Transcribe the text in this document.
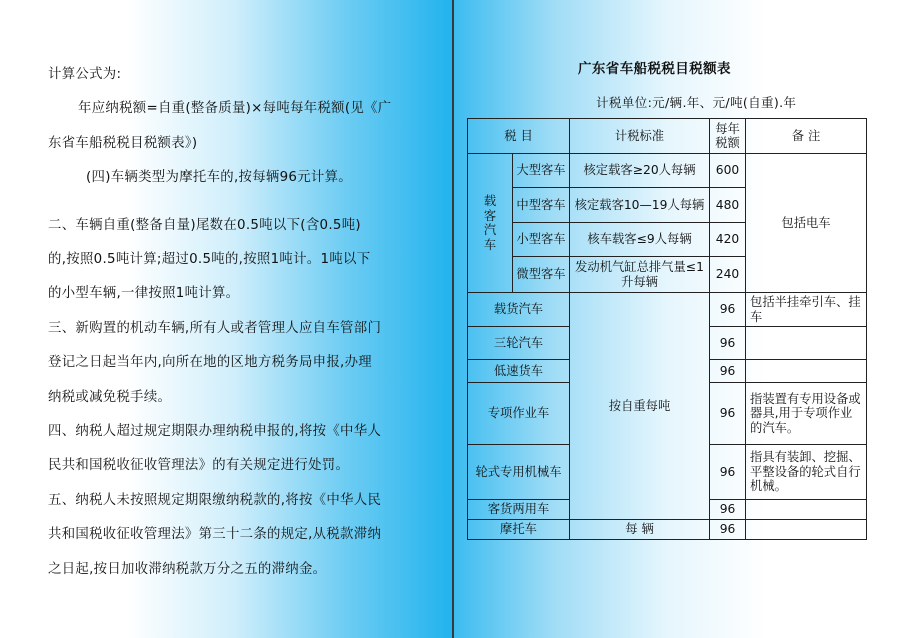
计算公式为:

年应纳税额=自重(整备质量)×每吨每年税额(见《广

东省车船税税目税额表》)

(四)车辆类型为摩托车的,按每辆96元计算。

二、车辆自重(整备自量)尾数在0.5吨以下(含0.5吨)

的,按照0.5吨计算;超过0.5吨的,按照1吨计。1吨以下

的小型车辆,一律按照1吨计算。

三、新购置的机动车辆,所有人或者管理人应自车管部门

登记之日起当年内,向所在地的区地方税务局申报,办理

纳税或减免税手续。

四、纳税人超过规定期限办理纳税申报的,将按《中华人

民共和国税收征收管理法》的有关规定进行处罚。

五、纳税人未按照规定期限缴纳税款的,将按《中华人民

共和国税收征收管理法》第三十二条的规定,从税款滞纳

之日起,按日加收滞纳税款万分之五的滞纳金。

广东省车船税税目税额表
计税单位:元/辆.年、元/吨(自重).年
税 目		计税标准	每年税额	备 注
载客汽车	大型客车	核定载客≥20人每辆	600	包括电车
	中型客车	核定载客10—19人每辆	480	
	小型客车	核车载客≤9人每辆	420	
	微型客车	发动机气缸总排气量≤1升每辆	240	
载货汽车		按自重每吨	96	包括半挂牵引车、挂车
三轮汽车			96	
低速货车			96	
专项作业车			96	指装置有专用设备或器具,用于专项作业的汽车。
轮式专用机械车			96	指具有装卸、挖掘、平整设备的轮式自行机械。
客货两用车			96	
摩托车		每 辆	96	
